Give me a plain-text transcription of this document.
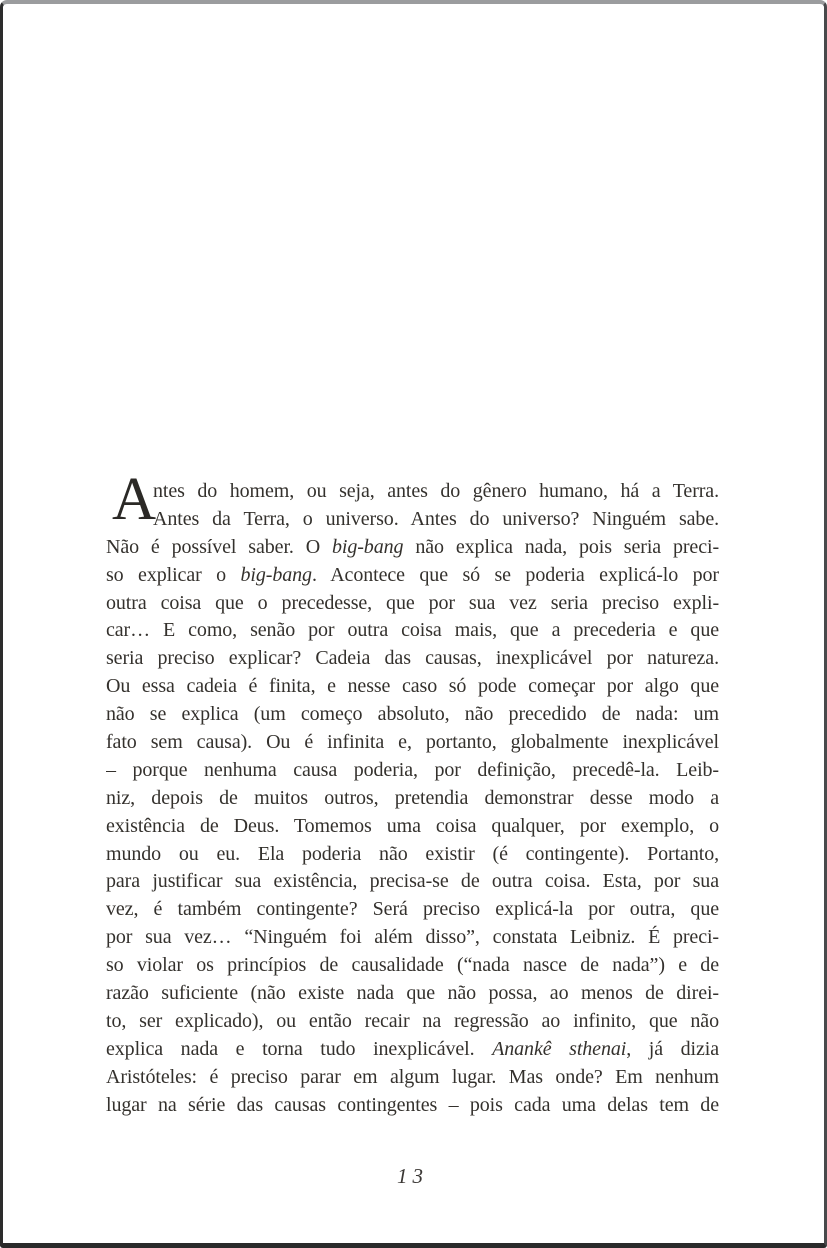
A
ntes do homem, ou seja, antes do gênero humano, há a Terra.
Antes da Terra, o universo. Antes do universo? Ninguém sabe.
Não é possível saber. O big-bang não explica nada, pois seria preci-
so explicar o big-bang. Acontece que só se poderia explicá-lo por
outra coisa que o precedesse, que por sua vez seria preciso expli-
car… E como, senão por outra coisa mais, que a precederia e que
seria preciso explicar? Cadeia das causas, inexplicável por natureza.
Ou essa cadeia é finita, e nesse caso só pode começar por algo que
não se explica (um começo absoluto, não precedido de nada: um
fato sem causa). Ou é infinita e, portanto, globalmente inexplicável
– porque nenhuma causa poderia, por definição, precedê-la. Leib-
niz, depois de muitos outros, pretendia demonstrar desse modo a
existência de Deus. Tomemos uma coisa qualquer, por exemplo, o
mundo ou eu. Ela poderia não existir (é contingente). Portanto,
para justificar sua existência, precisa-se de outra coisa. Esta, por sua
vez, é também contingente? Será preciso explicá-la por outra, que
por sua vez… “Ninguém foi além disso”, constata Leibniz. É preci-
so violar os princípios de causalidade (“nada nasce de nada”) e de
razão suficiente (não existe nada que não possa, ao menos de direi-
to, ser explicado), ou então recair na regressão ao infinito, que não
explica nada e torna tudo inexplicável. Anankê sthenai, já dizia
Aristóteles: é preciso parar em algum lugar. Mas onde? Em nenhum
lugar na série das causas contingentes – pois cada uma delas tem de
13
